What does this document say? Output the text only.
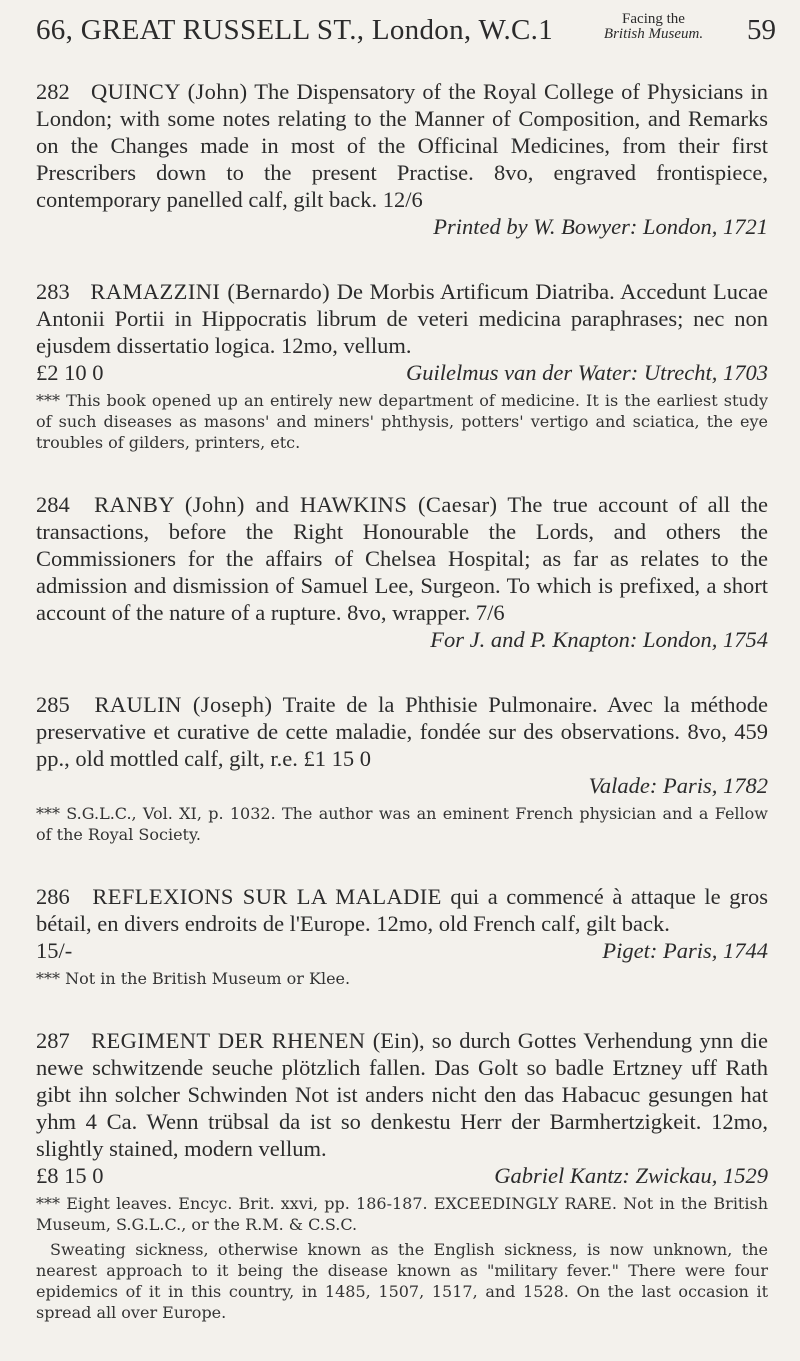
66, GREAT RUSSELL ST., London, W.C.1	Facing the
British Museum. 59

282 QUINCY (John) The Dispensatory of the Royal College of Physicians in London; with some notes relating to the Manner of Composition, and Remarks on the Changes made in most of the Officinal Medicines, from their first Prescribers down to the present Practise. 8vo, engraved frontispiece, contemporary panelled calf, gilt back. 12/6

Printed by W. Bowyer: London, 1721

283 RAMAZZINI (Bernardo) De Morbis Artificum Diatriba. Accedunt Lucae Antonii Portii in Hippocratis librum de veteri medicina paraphrases; nec non ejusdem dissertatio logica. 12mo, vellum.

£2 10 0	Guilelmus van der Water: Utrecht, 1703

*** This book opened up an entirely new department of medicine. It is the earliest study of such diseases as masons' and miners' phthysis, potters' vertigo and sciatica, the eye troubles of gilders, printers, etc.

284 RANBY (John) and HAWKINS (Caesar) The true account of all the transactions, before the Right Honourable the Lords, and others the Commissioners for the affairs of Chelsea Hospital; as far as relates to the admission and dismission of Samuel Lee, Surgeon. To which is prefixed, a short account of the nature of a rupture. 8vo, wrapper. 7/6

For J. and P. Knapton: London, 1754

285 RAULIN (Joseph) Traite de la Phthisie Pulmonaire. Avec la méthode preservative et curative de cette maladie, fondée sur des observations. 8vo, 459 pp., old mottled calf, gilt, r.e. £1 15 0

Valade: Paris, 1782

*** S.G.L.C., Vol. XI, p. 1032. The author was an eminent French physician and a Fellow of the Royal Society.

286 REFLEXIONS SUR LA MALADIE qui a commencé à attaque le gros bétail, en divers endroits de l'Europe. 12mo, old French calf, gilt back.

15/-	Piget: Paris, 1744

*** Not in the British Museum or Klee.

287 REGIMENT DER RHENEN (Ein), so durch Gottes Verhendung ynn die newe schwitzende seuche plötzlich fallen. Das Golt so badle Ertzney uff Rath gibt ihn solcher Schwinden Not ist anders nicht den das Habacuc gesungen hat yhm 4 Ca. Wenn trübsal da ist so denkestu Herr der Barmhertzigkeit. 12mo, slightly stained, modern vellum.

£8 15 0	Gabriel Kantz: Zwickau, 1529

*** Eight leaves. Encyc. Brit. xxvi, pp. 186-187. EXCEEDINGLY RARE. Not in the British Museum, S.G.L.C., or the R.M. & C.S.C.

Sweating sickness, otherwise known as the English sickness, is now unknown, the nearest approach to it being the disease known as "military fever." There were four epidemics of it in this country, in 1485, 1507, 1517, and 1528. On the last occasion it spread all over Europe.
